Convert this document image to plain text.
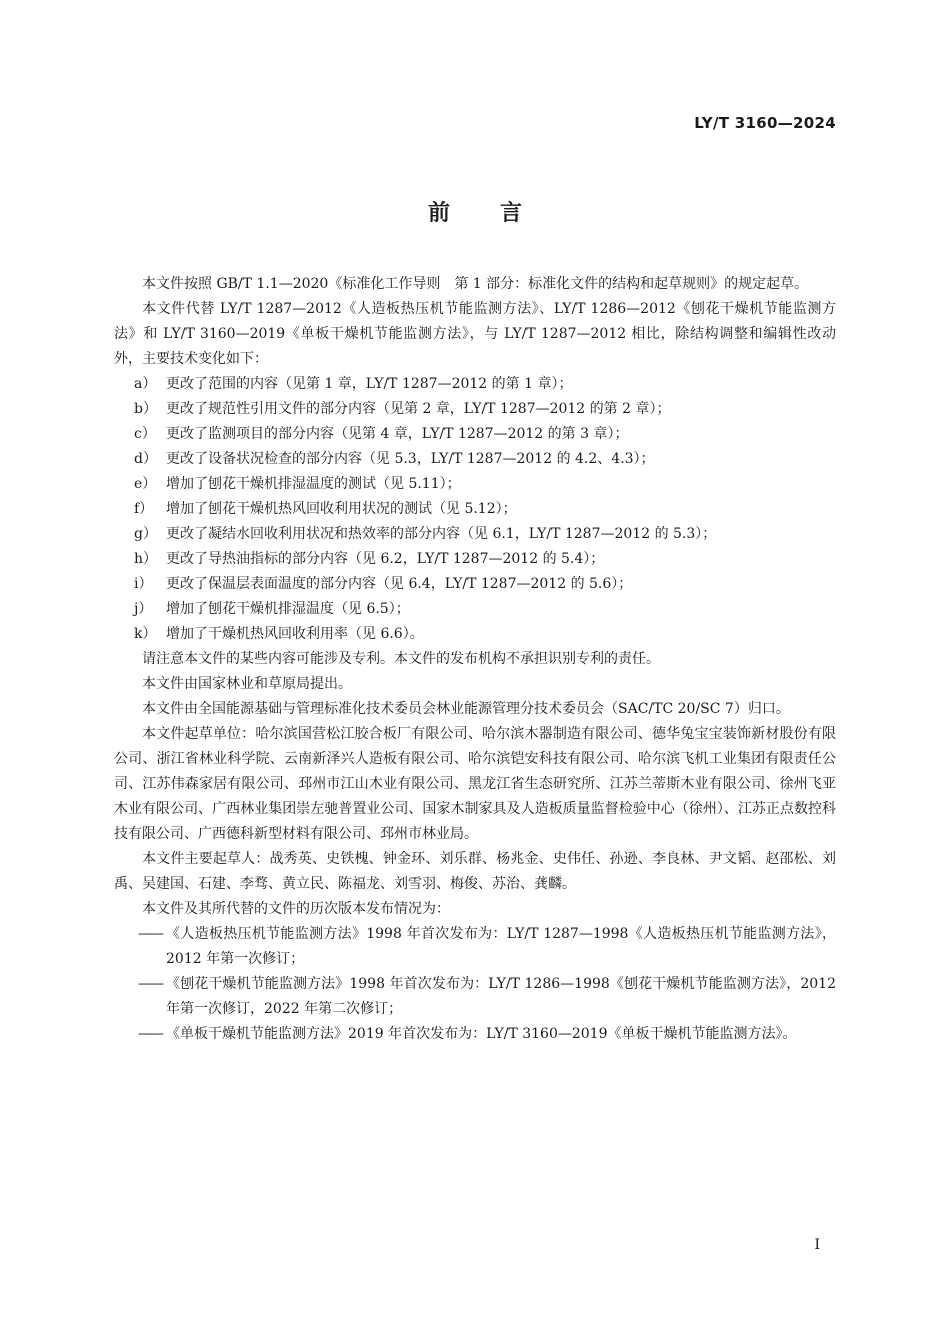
LY/T 3160—2024
前言

本文件按照 GB/T 1.1—2020《标准化工作导则　第 1 部分：标准化文件的结构和起草规则》的规定起草。

本文件代替 LY/T 1287—2012《人造板热压机节能监测方法》、LY/T 1286—2012《刨花干燥机节能监测方法》和 LY/T 3160—2019《单板干燥机节能监测方法》，与 LY/T 1287—2012 相比，除结构调整和编辑性改动外，主要技术变化如下：

a） 更改了范围的内容（见第 1 章，LY/T 1287—2012 的第 1 章）；

b） 更改了规范性引用文件的部分内容（见第 2 章，LY/T 1287—2012 的第 2 章）；

c） 更改了监测项目的部分内容（见第 4 章，LY/T 1287—2012 的第 3 章）；

d） 更改了设备状况检查的部分内容（见 5.3，LY/T 1287—2012 的 4.2、4.3）；

e） 增加了刨花干燥机排湿温度的测试（见 5.11）；

f） 增加了刨花干燥机热风回收利用状况的测试（见 5.12）；

g） 更改了凝结水回收利用状况和热效率的部分内容（见 6.1，LY/T 1287—2012 的 5.3）；

h） 更改了导热油指标的部分内容（见 6.2，LY/T 1287—2012 的 5.4）；

i） 更改了保温层表面温度的部分内容（见 6.4，LY/T 1287—2012 的 5.6）；

j） 增加了刨花干燥机排湿温度（见 6.5）；

k） 增加了干燥机热风回收利用率（见 6.6）。

请注意本文件的某些内容可能涉及专利。本文件的发布机构不承担识别专利的责任。

本文件由国家林业和草原局提出。

本文件由全国能源基础与管理标准化技术委员会林业能源管理分技术委员会（SAC/TC 20/SC 7）归口。

本文件起草单位：哈尔滨国营松江胶合板厂有限公司、哈尔滨木器制造有限公司、德华兔宝宝装饰新材股份有限公司、浙江省林业科学院、云南新泽兴人造板有限公司、哈尔滨铠安科技有限公司、哈尔滨飞机工业集团有限责任公司、江苏伟森家居有限公司、邳州市江山木业有限公司、黑龙江省生态研究所、江苏兰蒂斯木业有限公司、徐州飞亚木业有限公司、广西林业集团崇左驰普置业公司、国家木制家具及人造板质量监督检验中心（徐州）、江苏正点数控科技有限公司、广西德科新型材料有限公司、邳州市林业局。

本文件主要起草人：战秀英、史铁槐、钟金环、刘乐群、杨兆金、史伟任、孙逊、李良林、尹文韬、赵邵松、刘禹、吴建国、石建、李骛、黄立民、陈福龙、刘雪羽、梅俊、苏治、龚麟。

本文件及其所代替的文件的历次版本发布情况为：

—— 《人造板热压机节能监测方法》1998 年首次发布为：LY/T 1287—1998《人造板热压机节能监测方法》，2012 年第一次修订；

—— 《刨花干燥机节能监测方法》1998 年首次发布为：LY/T 1286—1998《刨花干燥机节能监测方法》，2012 年第一次修订，2022 年第二次修订；

—— 《单板干燥机节能监测方法》2019 年首次发布为：LY/T 3160—2019《单板干燥机节能监测方法》。

I
